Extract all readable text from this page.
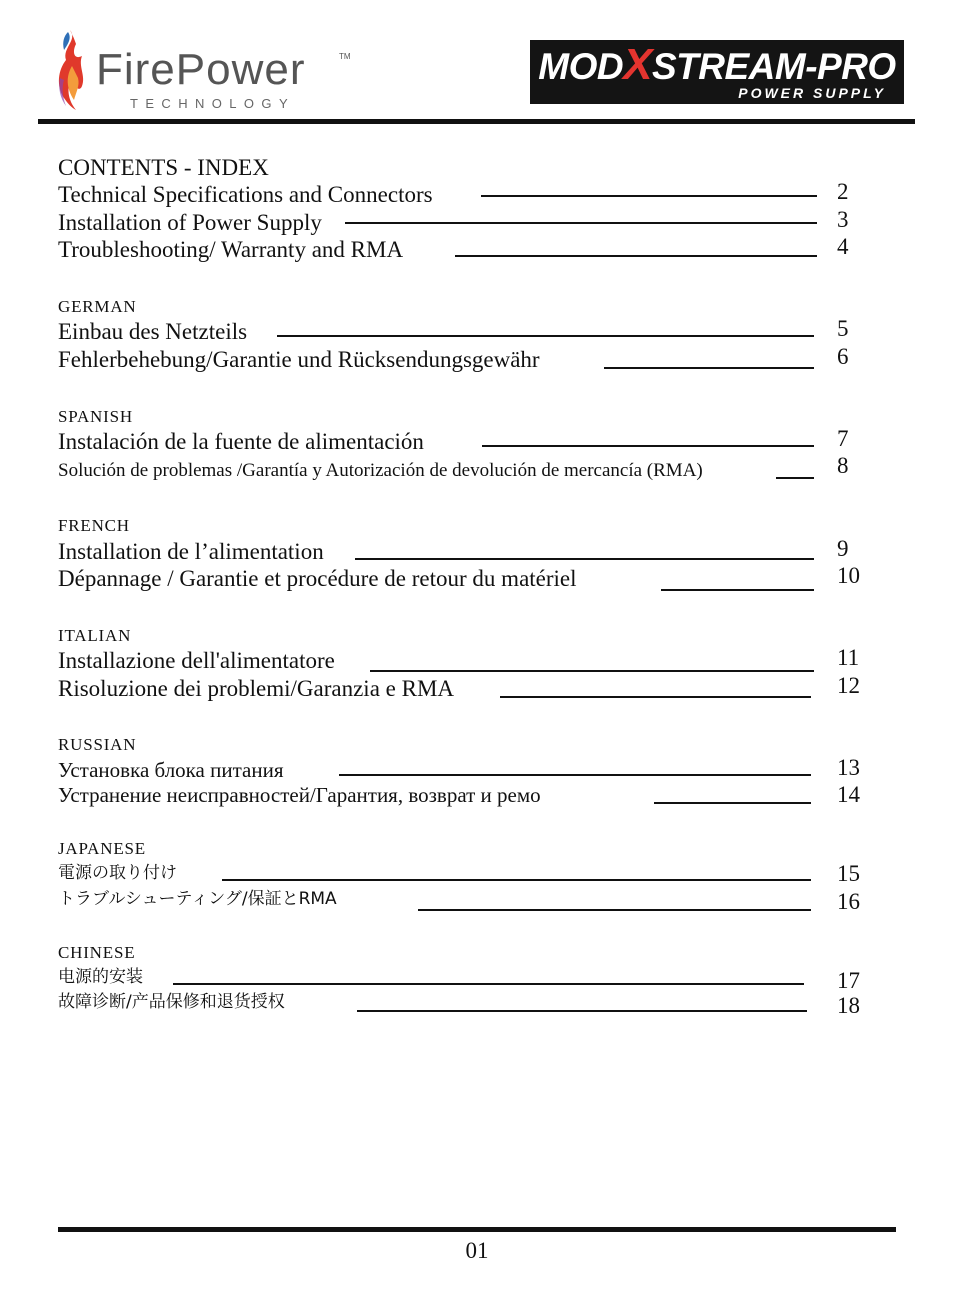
FirePower	TM
TECHNOLOGY
MODXSTREAM-PRO
POWER SUPPLY
CONTENTS - INDEX
Technical Specifications and Connectors	2
Installation of Power Supply	3
Troubleshooting/ Warranty and RMA	4
GERMAN
Einbau des Netzteils	5
Fehlerbehebung/Garantie und Rücksendungsgewähr	6
SPANISH
Instalación de la fuente de alimentación	7
Solución de problemas /Garantía y Autorización de devolución de mercancía (RMA)	8
FRENCH
Installation de l’alimentation	9
Dépannage / Garantie et procédure de retour du matériel	10
ITALIAN
Installazione dell'alimentatore	11
Risoluzione dei problemi/Garanzia e RMA	12
RUSSIAN
Установка блока питания	13
Устранение неисправностей/Гарантия, возврат и ремо	14
JAPANESE
電源の取り付け	15
トラブルシューティング/保証とRMA	16
CHINESE
电源的安装	17
故障诊断/产品保修和退货授权	18
01
